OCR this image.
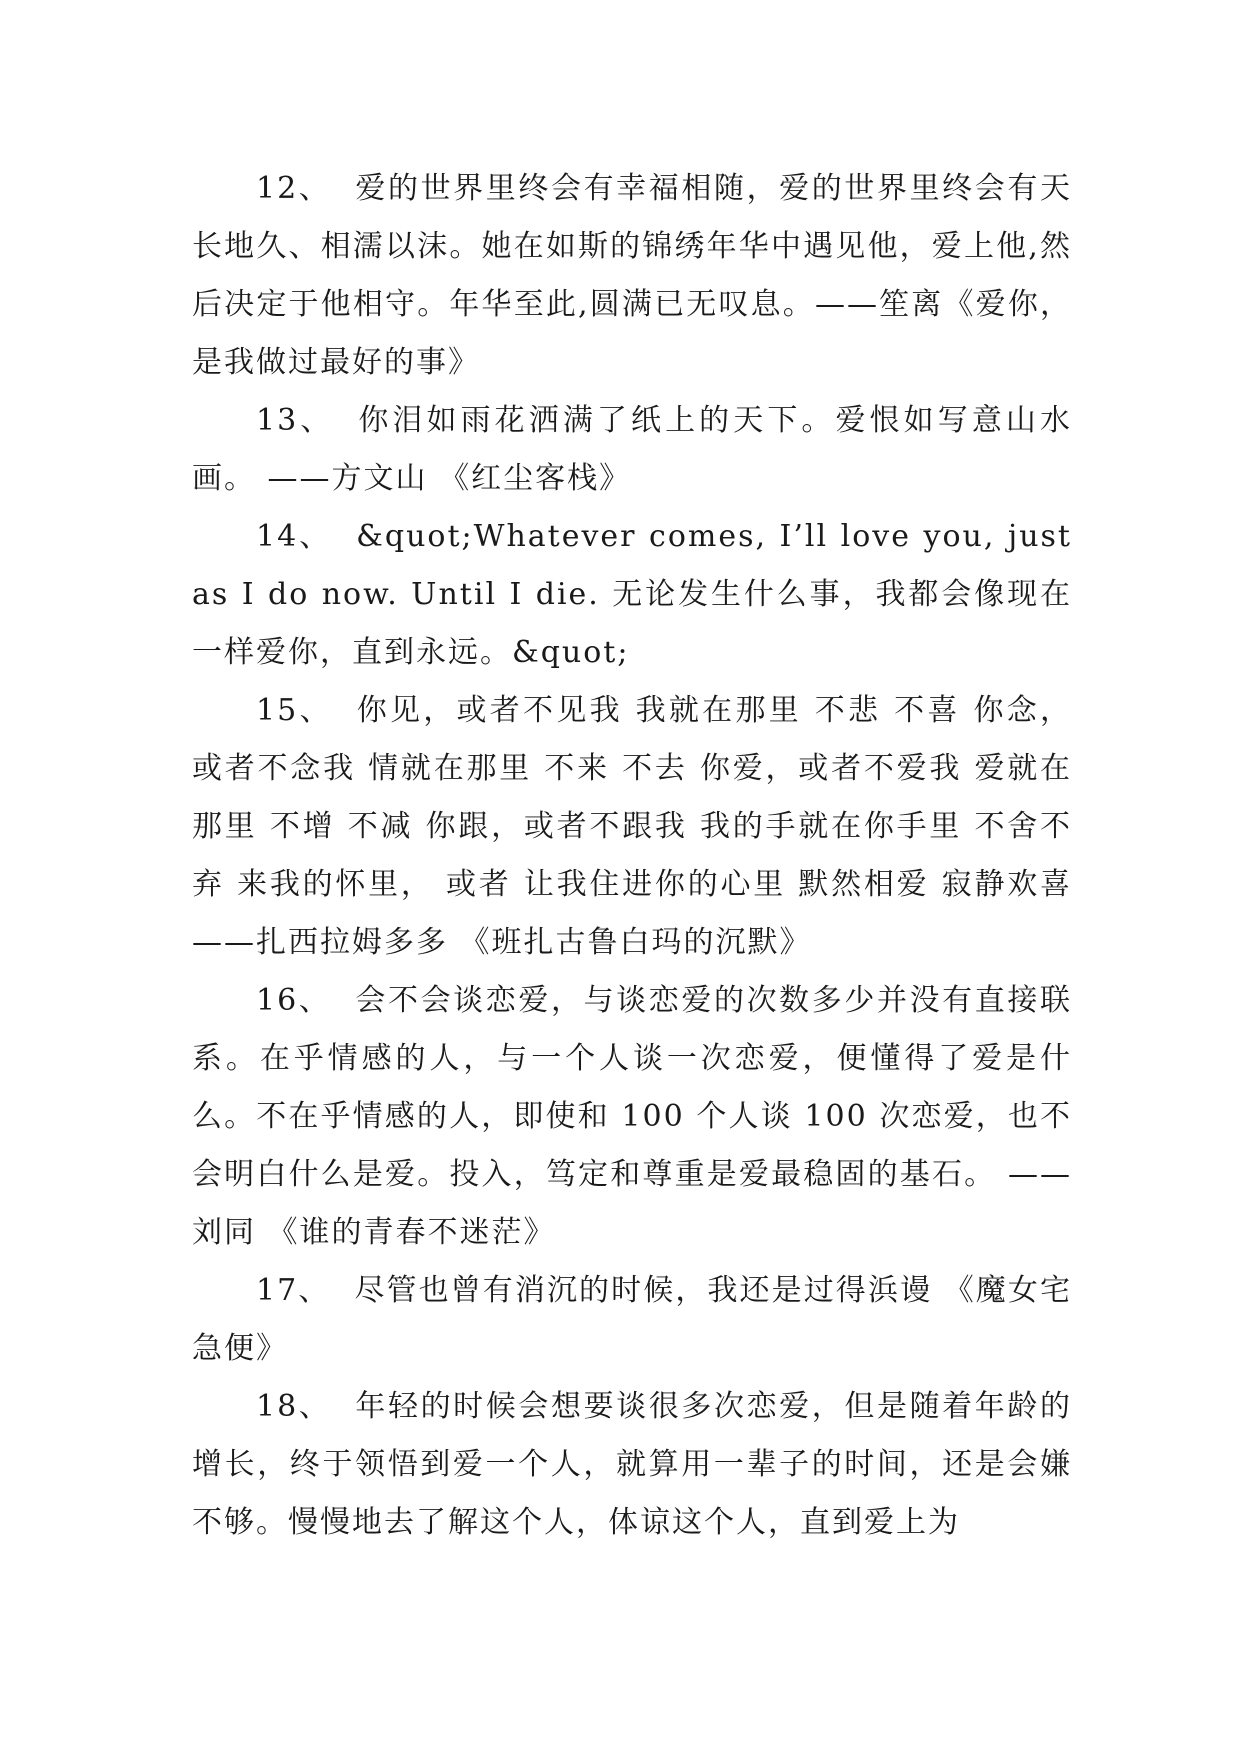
12、 爱的世界里终会有幸福相随，爱的世界里终会有天长地久、相濡以沫。她在如斯的锦绣年华中遇见他，爱上他,然后决定于他相守。年华至此,圆满已无叹息。——笙离《爱你，是我做过最好的事》

13、 你泪如雨花洒满了纸上的天下。爱恨如写意山水画。 ——方文山 《红尘客栈》

14、 &quot;Whatever comes, I’ll love you, just as I do now. Until I die. 无论发生什么事，我都会像现在一样爱你，直到永远。&quot;

15、 你见，或者不见我 我就在那里 不悲 不喜 你念，或者不念我 情就在那里 不来 不去 你爱，或者不爱我 爱就在那里 不增 不减 你跟，或者不跟我 我的手就在你手里 不舍不弃 来我的怀里， 或者 让我住进你的心里 默然相爱 寂静欢喜 ——扎西拉姆多多 《班扎古鲁白玛的沉默》

16、 会不会谈恋爱，与谈恋爱的次数多少并没有直接联系。在乎情感的人，与一个人谈一次恋爱，便懂得了爱是什么。不在乎情感的人，即使和 100 个人谈 100 次恋爱，也不会明白什么是爱。投入，笃定和尊重是爱最稳固的基石。 ——刘同 《谁的青春不迷茫》

17、 尽管也曾有消沉的时候，我还是过得浜谩 《魔女宅急便》

18、 年轻的时候会想要谈很多次恋爱，但是随着年龄的增长，终于领悟到爱一个人，就算用一辈子的时间，还是会嫌不够。慢慢地去了解这个人，体谅这个人，直到爱上为
